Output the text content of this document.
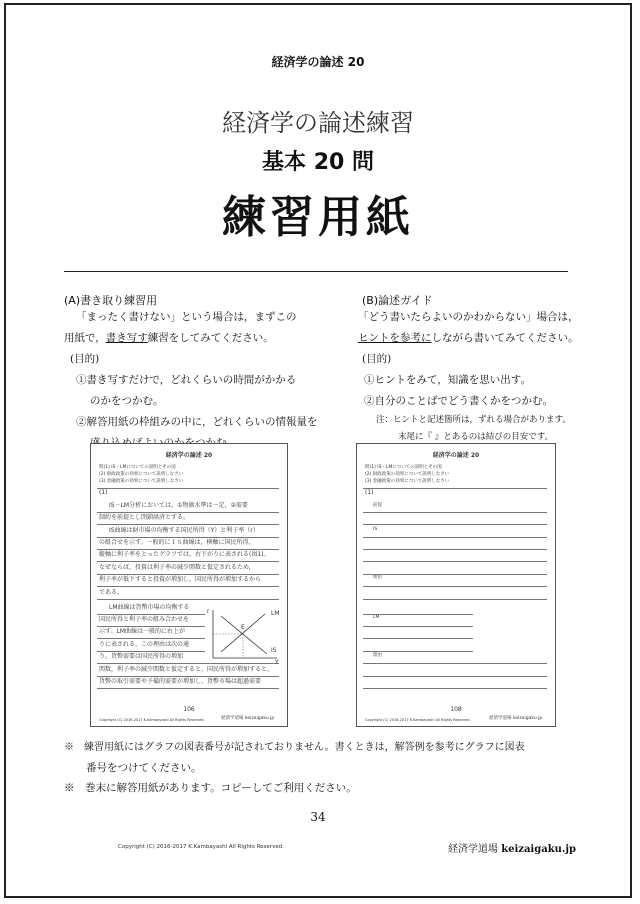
経済学の論述 20
経済学の論述練習
基本 20 問
練習用紙
(A)書き取り練習用
「まったく書けない」という場合は，まずこの
用紙で，書き写す練習をしてみてください。
(目的)
①書き写すだけで，どれくらいの時間がかかる
のかをつかむ。
②解答用紙の枠組みの中に，どれくらいの情報量を
(B)論述ガイド
「どう書いたらよいのかわからない」場合は，
ヒントを参考にしながら書いてみてください。
(目的)
①ヒントをみて，知識を思い出す。
②自分のことばでどう書くかをつかむ。
注：ヒントと記述箇所は，ずれる場合があります。
末尾に『 』とあるのは結びの目安です。
経済学の論述 20
問(1) IS・LMについての説明とその図
(2) 財政政策の効果について説明しなさい
(3) 金融政策の効果について説明しなさい
(1)
IS－LM分析においては，①物価水準は一定，②需要
制約を前提とし閉鎖経済とする。
IS曲線は財市場の均衡する国民所得（Y）と利子率（r）
の組合せを示す。一般的にＩＳ曲線は，横軸に国民所得，
縦軸に利子率をとったグラフでは，右下がりに表される(図1)。
なぜならば，投資は利子率の減少関数と仮定されるため，
利子率が低下すると投資が増加し，国民所得が増加するから
である。
LM曲線は貨幣市場の均衡する
国民所得と利子率の組み合わせを
示す。LM曲線は一般的に右上が
りに表される。この理由は次の通
り。貨幣需要は国民所得の増加
関数，利子率の減少関数と仮定すると，国民所得が増加すると，
貨幣の取引需要や予備的需要が増加し，貨幣市場は超過需要
LM
IS
E
r
Y
106
Copyright (C) 2016-2017 K.Kambayashi All Rights Reserved.	経済学道場 keizaigaku.jp
経済学の論述 20
問(1) IS・LMについての説明とその図
(2) 財政政策の効果について説明しなさい
(3) 金融政策の効果について説明しなさい
(1)
前提
IS
理由
LM
理由
108
Copyright (C) 2016-2017 K.Kambayashi All Rights Reserved.	経済学道場 keizaigaku.jp
※　練習用紙にはグラフの図表番号が記されておりません。書くときは，解答例を参考にグラフに図表
番号をつけてください。
※　巻末に解答用紙があります。コピーしてご利用ください。
34
Copyright (C) 2016-2017 K.Kambayashi All Rights Reserved.	経済学道場 keizaigaku.jp
